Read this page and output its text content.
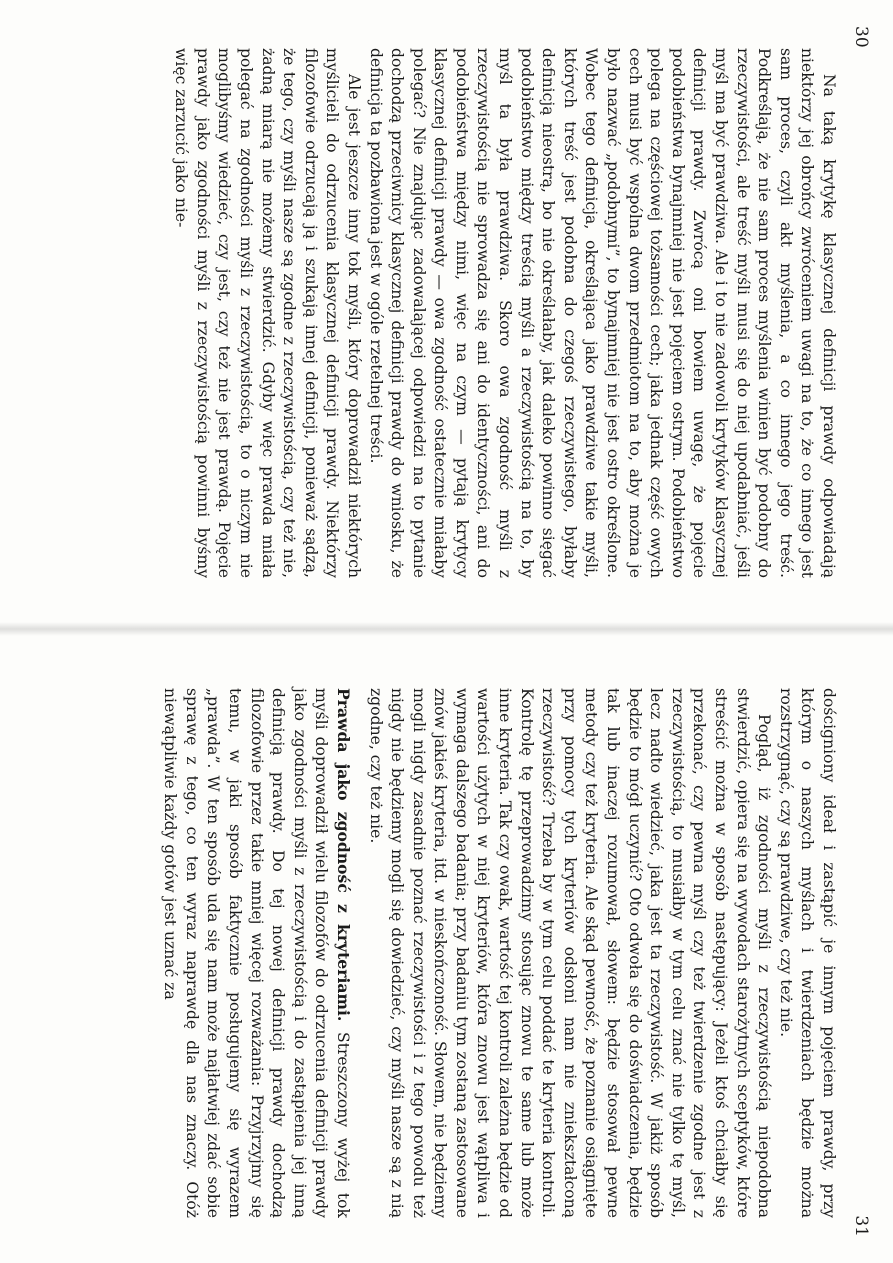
30

Na taką krytykę klasycznej definicji prawdy odpowiadają niektórzy jej obrońcy zwróceniem uwagi na to, że co innego jest sam proces, czyli akt myślenia, a co innego jego treść. Podkreślają, że nie sam proces myślenia winien być podobny do rzeczywistości, ale treść myśli musi się do niej upodabniać, jeśli myśl ma być prawdziwa. Ale i to nie zadowoli krytyków klasycznej definicji prawdy. Zwrócą oni bowiem uwagę, że pojęcie podobieństwa bynajmniej nie jest pojęciem ostrym. Podobieństwo polega na częściowej tożsamości cech; jaka jednak część owych cech musi być wspólna dwom przedmiotom na to, aby można je było nazwać „podobnymi”, to bynajmniej nie jest ostro określone. Wobec tego definicja, określająca jako prawdziwe takie myśli, których treść jest podobna do czegoś rzeczywistego, byłaby definicją nieostrą, bo nie określałaby, jak daleko powinno sięgać podobieństwo między treścią myśli a rzeczywistością na to, by myśl ta była prawdziwa. Skoro owa zgodność myśli z rzeczywistością nie sprowadza się ani do identyczności, ani do podobieństwa między nimi, więc na czym — pytają krytycy klasycznej definicji prawdy — owa zgodność ostatecznie miałaby polegać? Nie znajdując zadowalającej odpowiedzi na to pytanie dochodzą przeciwnicy klasycznej definicji prawdy do wniosku, że definicja ta pozbawiona jest w ogóle rzetelnej treści.

Ale jest jeszcze inny tok myśli, który doprowadził niektórych myślicieli do odrzucenia klasycznej definicji prawdy. Niektórzy filozofowie odrzucają ją i szukają innej definicji, ponieważ sądzą, że tego, czy myśli nasze są zgodne z rzeczywistością, czy też nie, żadną miarą nie możemy stwierdzić. Gdyby więc prawda miała polegać na zgodności myśli z rzeczywistością, to o niczym nie moglibyśmy wiedzieć, czy jest, czy też nie jest prawdą. Pojęcie prawdy jako zgodności myśli z rzeczywistością powinni byśmy więc zarzucić jako nie-

31

dościgniony ideał i zastąpić je innym pojęciem prawdy, przy którym o naszych myślach i twierdzeniach będzie można rozstrzygnąć, czy są prawdziwe, czy też nie.

Pogląd, iż zgodności myśli z rzeczywistością niepodobna stwierdzić, opiera się na wywodach starożytnych sceptyków, które streścić można w sposób następujący: Jeżeli ktoś chciałby się przekonać, czy pewna myśl czy też twierdzenie zgodne jest z rzeczywistością, to musiałby w tym celu znać nie tylko tę myśl, lecz nadto wiedzieć, jaka jest ta rzeczywistość. W jakiż sposób będzie to mógł uczynić? Oto odwoła się do doświadczenia, będzie tak lub inaczej rozumował, słowem: będzie stosował pewne metody czy też kryteria. Ale skąd pewność, że poznanie osiągnięte przy pomocy tych kryteriów odsłoni nam nie zniekształconą rzeczywistość? Trzeba by w tym celu poddać te kryteria kontroli. Kontrolę tę przeprowadzimy stosując znowu te same lub może inne kryteria. Tak czy owak, wartość tej kontroli zależna będzie od wartości użytych w niej kryteriów, która znowu jest wątpliwa i wymaga dalszego badania; przy badaniu tym zostaną zastosowane znów jakieś kryteria, itd. w nieskończoność. Słowem, nie będziemy mogli nigdy zasadnie poznać rzeczywistości i z tego powodu też nigdy nie będziemy mogli się dowiedzieć, czy myśli nasze są z nią zgodne, czy też nie.

Prawda jako zgodność z kryteriami. Streszczony wyżej tok myśli doprowadził wielu filozofów do odrzucenia definicji prawdy jako zgodności myśli z rzeczywistością i do zastąpienia jej inną definicją prawdy. Do tej nowej definicji prawdy dochodzą filozofowie przez takie mniej więcej rozważania: Przyjrzyjmy się temu, w jaki sposób faktycznie posługujemy się wyrazem „prawda”. W ten sposób uda się nam może najłatwiej zdać sobie sprawę z tego, co ten wyraz naprawdę dla nas znaczy. Otóż niewątpliwie każdy gotów jest uznać za
